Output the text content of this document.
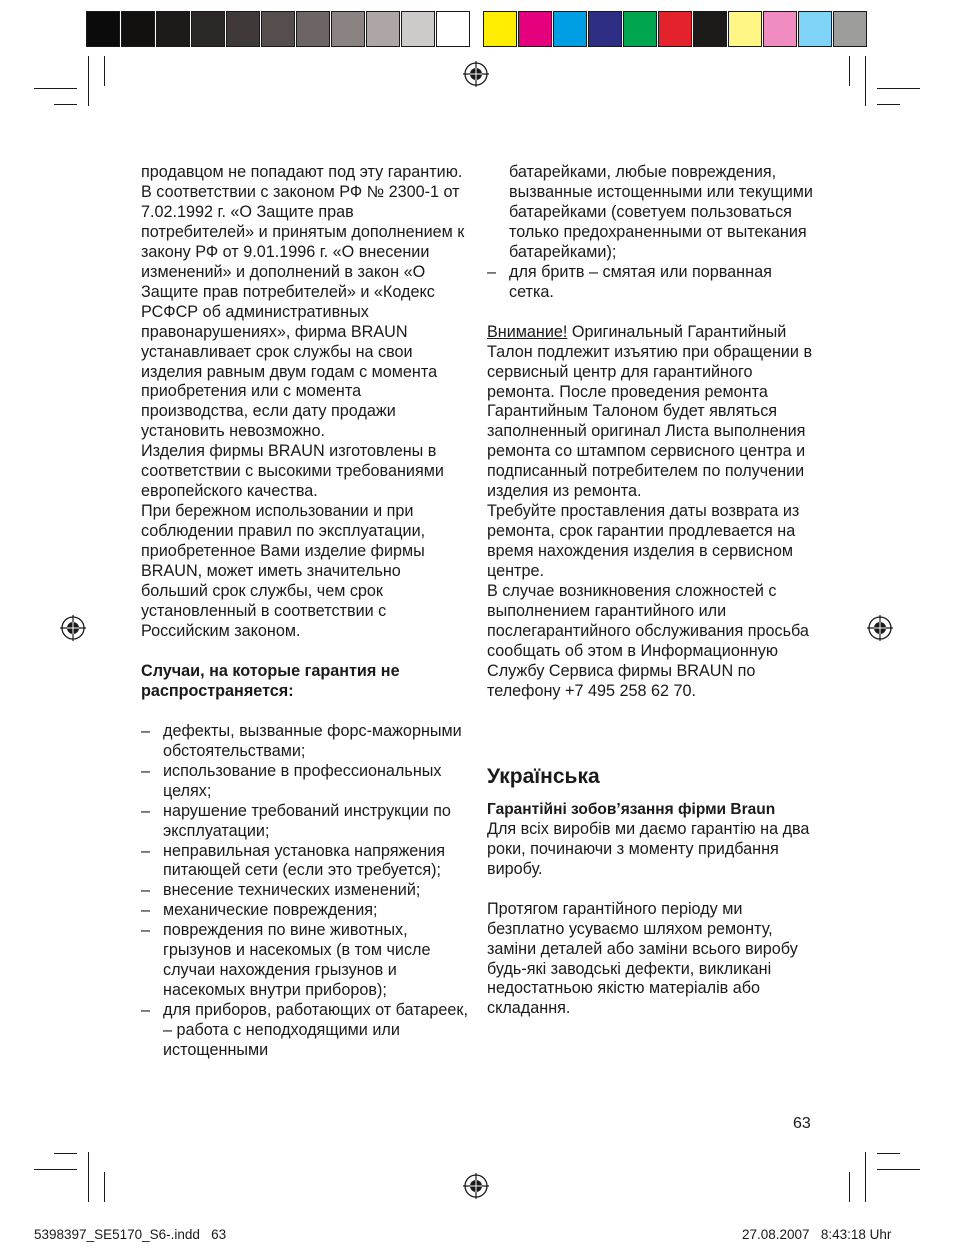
продавцом не попадают под эту гарантию.

В соответствии с законом РФ № 2300-1 от 7.02.1992 г. «О Защите прав потребителей» и принятым дополнением к закону РФ от 9.01.1996 г. «О внесении изменений» и дополнений в закон «О Защите прав потребителей» и «Кодекс РСФСР об административных правонарушениях», фирма BRAUN устанавливает срок службы на свои изделия равным двум годам с момента приобретения или с момента производства, если дату продажи установить невозможно.

Изделия фирмы BRAUN изготовлены в соответствии с высокими требованиями европейского качества.

При бережном использовании и при соблюдении правил по эксплуатации, приобретенное Вами изделие фирмы BRAUN, может иметь значительно больший срок службы, чем срок установленный в соответствии с Российским законом.

Случаи, на которые гарантия не распространяется:

– дефекты, вызванные форс-мажорными обстоятельствами;
– использование в профессиональных целях;
– нарушение требований инструкции по эксплуатации;
– неправильная установка напряжения питающей сети (если это требуется);
– внесение технических изменений;
– механические повреждения;
– повреждения по вине животных, грызунов и насекомых (в том числе случаи нахождения грызунов и насекомых внутри приборов);
– для приборов, работающих от батареек, – работа с неподходящими или истощенными
батарейками, любые повреждения, вызванные истощенными или текущими батарейками (советуем пользоваться только предохраненными от вытекания батарейками);
– для бритв – смятая или порванная сетка.

Внимание! Оригинальный Гарантийный Талон подлежит изъятию при обращении в сервисный центр для гарантийного ремонта. После проведения ремонта Гарантийным Талоном будет являться заполненный оригинал Листа выполнения ремонта со штампом сервисного центра и подписанный потребителем по получении изделия из ремонта.

Требуйте проставления даты возврата из ремонта, срок гарантии продлевается на время нахождения изделия в сервисном центре.

В случае возникновения сложностей с выполнением гарантийного или послегарантийного обслуживания просьба сообщать об этом в Информационную Службу Сервиса фирмы BRAUN по телефону +7 495 258 62 70.

Українська

Гарантійні зобов’язання фірми Braun

Для всіх виробів ми даємо гарантію на два роки, починаючи з моменту придбання виробу.

Протягом гарантійного періоду ми безплатно усуваємо шляхом ремонту, заміни деталей або заміни всього виробу будь-які заводські дефекти, викликані недостатньою якістю матеріалів або складання.

63
5398397_SE5170_S6-.indd   63	27.08.2007   8:43:18 Uhr
